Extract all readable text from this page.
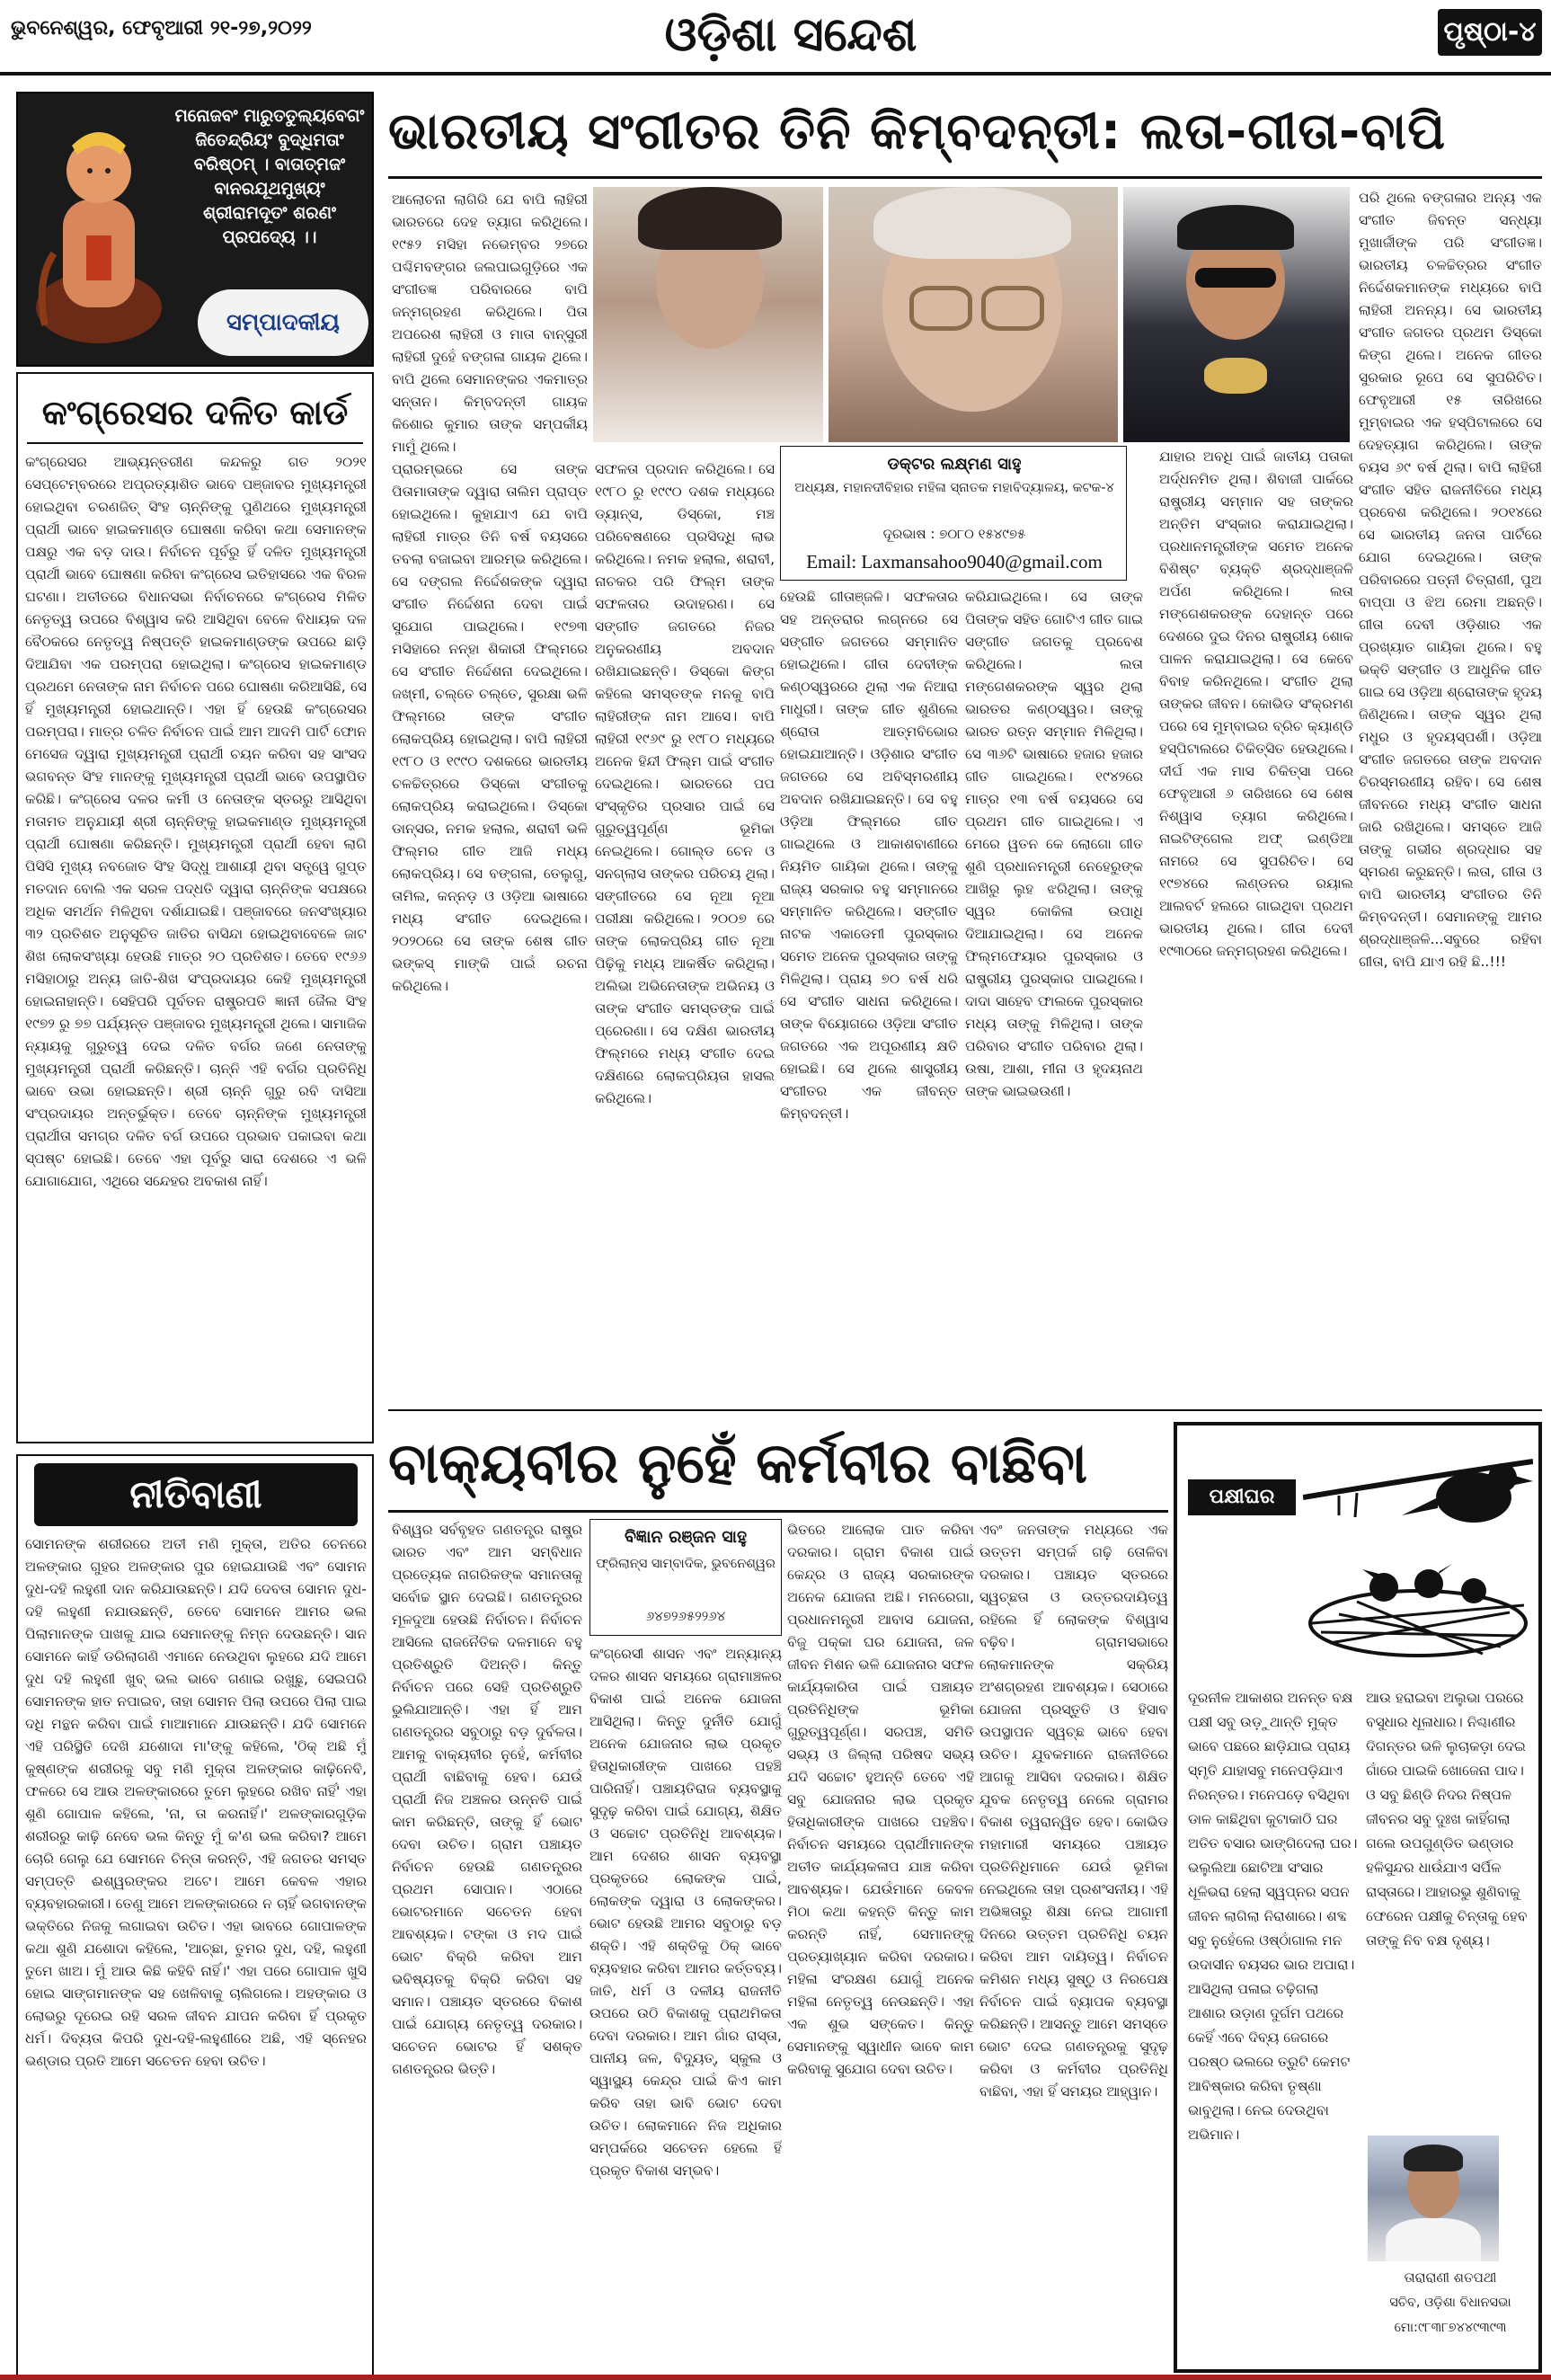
ଭୁବନେଶ୍ୱର, ଫେବୃଆରୀ ୨୧-୨୭,୨୦୨୨	ଓଡ଼ିଶା ସନ୍ଦେଶ	ପୃଷ୍ଠା-୪
ମନୋଜବଂ ମାରୁତତୁଲ୍ୟବେଗଂ ଜିତେନ୍ଦ୍ରିୟଂ ବୁଦ୍ଧିମତାଂ ବରିଷ୍ଠମ୍ । ବାତାତ୍ମଜଂ ବାନରଯୂଥମୁଖ୍ୟଂ ଶ୍ରୀରାମଦୂତଂ ଶରଣଂ ପ୍ରପଦ୍ୟେ ।।
ସମ୍ପାଦକୀୟ
କଂଗ୍ରେସର ଦଳିତ କାର୍ଡ
କଂଗ୍ରେସର ଆଭ୍ୟନ୍ତରୀଣ କନ୍ଦଳରୁ ଗତ ୨୦୨୧ ସେପ୍ଟେମ୍ବରରେ ଅପ୍ରତ୍ୟାଶିତ ଭାବେ ପଞ୍ଜାବର ମୁଖ୍ୟମନ୍ତ୍ରୀ ହୋଇଥିବା ଚରଣଜିତ୍ ସିଂହ ଚାନ୍ନିଙ୍କୁ ପୁଣିଥରେ ମୁଖ୍ୟମନ୍ତ୍ରୀ ପ୍ରାର୍ଥୀ ଭାବେ ହାଇକମାଣ୍ଡ ଘୋଷଣା କରିବା କଥା ସେମାନଙ୍କ ପକ୍ଷରୁ ଏକ ବଡ଼ ଦାଉ। ନିର୍ବାଚନ ପୂର୍ବରୁ ହିଁ ଦଳିତ ମୁଖ୍ୟମନ୍ତ୍ରୀ ପ୍ରାର୍ଥୀ ଭାବେ ଘୋଷଣା କରିବା କଂଗ୍ରେସ ଇତିହାସରେ ଏକ ବିରଳ ଘଟଣା। ଅତୀତରେ ବିଧାନସଭା ନିର୍ବାଚନରେ କଂଗ୍ରେସ ମିଳିତ ନେତୃତ୍ୱ ଉପରେ ବିଶ୍ୱାସ କରି ଆସିଥିବା ବେଳେ ବିଧାୟକ ଦଳ ବୈଠକରେ ନେତୃତ୍ୱ ନିଷ୍ପତ୍ତି ହାଇକମାଣ୍ଡଙ୍କ ଉପରେ ଛାଡ଼ି ଦିଆଯିବା ଏକ ପରମ୍ପରା ହୋଇଥିଲା। କଂଗ୍ରେସ ହାଇକମାଣ୍ଡ ପ୍ରଥମେ ନେତାଙ୍କ ନାମ ନିର୍ବାଚନ ପରେ ଘୋଷଣା କରିଆସିଛି, ସେ ହିଁ ମୁଖ୍ୟମନ୍ତ୍ରୀ ହୋଇଥାନ୍ତି। ଏହା ହିଁ ହେଉଛି କଂଗ୍ରେସର ପରମ୍ପରା। ମାତ୍ର ଚଳିତ ନିର୍ବାଚନ ପାଇଁ ଆମ ଆଦମି ପାର୍ଟି ଫୋନ ମେସେଜ ଦ୍ୱାରା ମୁଖ୍ୟମନ୍ତ୍ରୀ ପ୍ରାର୍ଥୀ ଚୟନ କରିବା ସହ ସାଂସଦ ଭଗବନ୍ତ ସିଂହ ମାନଙ୍କୁ ମୁଖ୍ୟମନ୍ତ୍ରୀ ପ୍ରାର୍ଥୀ ଭାବେ ଉପସ୍ଥାପିତ କରିଛି। କଂଗ୍ରେସ ଦଳର କର୍ମୀ ଓ ନେତାଙ୍କ ସ୍ତରରୁ ଆସିଥିବା ମତାମତ ଅନୁଯାୟୀ ଶ୍ରୀ ଚାନ୍ନିଙ୍କୁ ହାଇକମାଣ୍ଡ ମୁଖ୍ୟମନ୍ତ୍ରୀ ପ୍ରାର୍ଥୀ ଘୋଷଣା କରିଛନ୍ତି। ମୁଖ୍ୟମନ୍ତ୍ରୀ ପ୍ରାର୍ଥୀ ହେବା ଲାଗି ପିସିସି ମୁଖ୍ୟ ନବଜୋତ ସିଂହ ସିଦ୍ଧୁ ଆଶାୟୀ ଥିବା ସତ୍ତ୍ୱେ ଗୁପ୍ତ ମତଦାନ ବୋଲି ଏକ ସରଳ ପଦ୍ଧତି ଦ୍ୱାରା ଚାନ୍ନିଙ୍କ ସପକ୍ଷରେ ଅଧିକ ସମର୍ଥନ ମିଳିଥିବା ଦର୍ଶାଯାଇଛି। ପଞ୍ଜାବରେ ଜନସଂଖ୍ୟାର ୩୨ ପ୍ରତିଶତ ଅନୁସୂଚିତ ଜାତିର ବାସିନ୍ଦା ହୋଇଥିବାବେଳେ ଜାଟ ଶିଖ ଲୋକସଂଖ୍ୟା ହେଉଛି ମାତ୍ର ୨୦ ପ୍ରତିଶତ। ତେବେ ୧୯୬୬ ମସିହାଠାରୁ ଅନ୍ୟ ଜାତି-ଶିଖ ସଂପ୍ରଦାୟର କେହି ମୁଖ୍ୟମନ୍ତ୍ରୀ ହୋଇନାହାନ୍ତି। ସେହିପରି ପୂର୍ବତନ ରାଷ୍ଟ୍ରପତି ଜ୍ଞାନୀ ଜୈଲ ସିଂହ ୧୯୭୨ ରୁ ୭୭ ପର୍ଯ୍ୟନ୍ତ ପଞ୍ଜାବର ମୁଖ୍ୟମନ୍ତ୍ରୀ ଥିଲେ। ସାମାଜିକ ନ୍ୟାୟକୁ ଗୁରୁତ୍ୱ ଦେଇ ଦଳିତ ବର୍ଗର ଜଣେ ନେତାଙ୍କୁ ମୁଖ୍ୟମନ୍ତ୍ରୀ ପ୍ରାର୍ଥୀ କରିଛନ୍ତି। ଚାନ୍ନି ଏହି ବର୍ଗର ପ୍ରତିନିଧି ଭାବେ ଉଭା ହୋଇଛନ୍ତି। ଶ୍ରୀ ଚାନ୍ନି ଗୁରୁ ରବି ଦାସିଆ ସଂପ୍ରଦାୟର ଅନ୍ତର୍ଭୁକ୍ତ। ତେବେ ଚାନ୍ନିଙ୍କ ମୁଖ୍ୟମନ୍ତ୍ରୀ ପ୍ରାର୍ଥୀତା ସମଗ୍ର ଦଳିତ ବର୍ଗ ଉପରେ ପ୍ରଭାବ ପକାଇବା କଥା ସ୍ପଷ୍ଟ ହୋଇଛି। ତେବେ ଏହା ପୂର୍ବରୁ ସାରା ଦେଶରେ ଏ ଭଳି ଯୋଗାଯୋଗ, ଏଥିରେ ସନ୍ଦେହର ଅବକାଶ ନାହିଁ।
ନୀତିବାଣୀ
ସୋମନଙ୍କ ଶରୀରରେ ଅତୀ ମଣି ମୁକ୍ତା, ଅତିର ଚେନରେ ଅଳଙ୍କାର ଗୁହର ଅଳଙ୍କାର ପୁର ହୋଇଯାଉଛି ଏବଂ ସୋମନ ଦୁଧ-ଦହି ଲହୁଣୀ ଦାନ କରିଯାଉଛନ୍ତି। ଯଦି ଦେବତା ସୋମନ ଦୁଧ-ଦହି ଲହୁଣୀ ନଯାଉଛନ୍ତି, ତେବେ ସୋମନେ ଆମର ଭଲ ପିଲାମାନଙ୍କ ପାଖକୁ ଯାଇ ସେମାନଙ୍କୁ ନିମ୍ନ ଦେଉଛନ୍ତି। ସାନ ସୋମନେ କାହିଁ ଡରିଲାଗଣି ଏମାନେ ନେଉଥିବା ଲୁହରେ ଯଦି ଆମେ ଦୁଧ ଦହି ଲହୁଣୀ ଖୁବ୍ ଭଲ ଭାବେ ଗଣାଇ ରଖୁଛୁ, ସେଇପରି ସୋମନଙ୍କ ହାତ ନପାଇବ, ତାହା ସୋମନ ପିଲା ଉପରେ ପିଲା ପାଇ ଦଧି ମନ୍ଥନ କରିବା ପାଇଁ ମାଆମାନେ ଯାଉଛନ୍ତି। ଯଦି ସୋମନେ ଏହି ପରିସ୍ଥିତି ଦେଖି ଯଶୋଦା ମା'ଙ୍କୁ କହିଲେ, 'ଠିକ୍ ଅଛି ମୁଁ କୁଷ୍ଣଙ୍କ ଶରୀରକୁ ସବୁ ମଣି ମୁକ୍ତା ଅଳଙ୍କାର କାଢ଼ିନେବି, ଫଳରେ ସେ ଆଉ ଅଳଙ୍କାରରେ ତୁମେ ଲୁହରେ ରଖିବ ନାହିଁ' ଏହା ଶୁଣି ଗୋପାଳ କହିଲେ, 'ନା, ତା କରନାହିଁ।' ଅଳଙ୍କାରଗୁଡ଼ିକ ଶରୀରରୁ କାଢ଼ି ନେବେ ଭଲ କିନ୍ତୁ ମୁଁ କ'ଣ ଭଲ କରିବା? ଆମେ ଚୋରି ଗେଲୁ ଯେ ସୋମନେ ଚିନ୍ତା କରନ୍ତି, ଏହି ଜଗତର ସମସ୍ତ ସମ୍ପତ୍ତି ଈଶ୍ୱରଙ୍କର ଅଟେ। ଆମେ କେବଳ ଏହାର ବ୍ୟବହାରକାରୀ। ତେଣୁ ଆମେ ଅଳଙ୍କାରରେ ନ ଚାହିଁ ଭଗବାନଙ୍କ ଭକ୍ତିରେ ନିଜକୁ ଲଗାଇବା ଉଚିତ। ଏହା ଭାବରେ ଗୋପାଳଙ୍କ କଥା ଶୁଣି ଯଶୋଦା କହିଲେ, 'ଆଚ୍ଛା, ତୁମର ଦୁଧ, ଦହି, ଲହୁଣୀ ତୁମେ ଖାଅ। ମୁଁ ଆଉ କିଛି କହିବି ନାହିଁ।' ଏହା ପରେ ଗୋପାଳ ଖୁସି ହୋଇ ସାଙ୍ଗମାନଙ୍କ ସହ ଖେଳିବାକୁ ଚାଲିଗଲେ। ଅହଙ୍କାର ଓ ଲୋଭରୁ ଦୂରେଇ ରହି ସରଳ ଜୀବନ ଯାପନ କରିବା ହିଁ ପ୍ରକୃତ ଧର୍ମ। ଦିବ୍ୟତା କିପରି ଦୁଧ-ଦହି-ଲହୁଣୀରେ ଅଛି, ଏହି ସ୍ନେହର ଭଣ୍ଡାର ପ୍ରତି ଆମେ ସଚେତନ ହେବା ଉଚିତ।
ଭାରତୀୟ ସଂଗୀତର ତିନି କିମ୍ବଦନ୍ତୀ: ଲତା-ଗୀତା-ବାପି
ଡକ୍ଟର ଲକ୍ଷ୍ମଣ ସାହୁ
ଅଧ୍ୟକ୍ଷ, ମହାନଦୀବିହାର ମହିଳା ସ୍ନାତକ ମହାବିଦ୍ୟାଳୟ, କଟକ-୪
ଦୂରଭାଷ : ୭୦୮୦ ୧୫୪୯୭୫
Email: Laxmansahoo9040@gmail.com
ଆଲୋଚନା ଲାଗିରି ଯେ ବାପି ଲାହିରୀ ଭାରତରେ ଦେହ ତ୍ୟାଗ କରିଥିଲେ। ୧୯୫୨ ମସିହା ନଭେମ୍ବର ୨୭ରେ ପଶ୍ଚିମବଙ୍ଗର ଜଲପାଇଗୁଡ଼ିରେ ଏକ ସଂଗୀତଜ୍ଞ ପରିବାରରେ ବାପି ଜନ୍ମଗ୍ରହଣ କରିଥିଲେ। ପିତା ଅପରେଶ ଲାହିରୀ ଓ ମାତା ବାନ୍‌ସୁରୀ ଲାହିରୀ ଦୁହେଁ ବଙ୍ଗଳା ଗାୟକ ଥିଲେ। ବାପି ଥିଲେ ସେମାନଙ୍କର ଏକମାତ୍ର ସନ୍ତାନ। କିମ୍ବଦନ୍ତୀ ଗାୟକ କିଶୋର କୁମାର ତାଙ୍କ ସମ୍ପର୍କୀୟ ମାମୁଁ ଥିଲେ।
ପ୍ରାରମ୍ଭରେ ସେ ତାଙ୍କ ପିତାମାତାଙ୍କ ଦ୍ୱାରା ତାଲିମ ପ୍ରାପ୍ତ ହୋଇଥିଲେ। କୁହାଯାଏ ଯେ ବାପି ଲାହିରୀ ମାତ୍ର ତିନି ବର୍ଷ ବୟସରେ ତବଲା ବଜାଇବା ଆରମ୍ଭ କରିଥିଲେ। ସେ ଦଙ୍ଗଲ ନିର୍ଦ୍ଦେଶକଙ୍କ ଦ୍ୱାରା ସଂଗୀତ ନିର୍ଦ୍ଦେଶନା ଦେବା ପାଇଁ ସୁଯୋଗ ପାଇଥିଲେ। ୧୯୭୩ ମସିହାରେ ନନ୍ହା ଶିକାରୀ ଫିଲ୍ମରେ ସେ ସଂଗୀତ ନିର୍ଦ୍ଦେଶନା ଦେଇଥିଲେ। ଜଖ୍ମୀ, ଚଲ୍ତେ ଚଲ୍ତେ, ସୁରକ୍ଷା ଭଳି ଫିଲ୍ମରେ ତାଙ୍କ ସଂଗୀତ ଲୋକପ୍ରିୟ ହୋଇଥିଲା। ବାପି ଲାହିରୀ ୧୯୮୦ ଓ ୧୯୯୦ ଦଶକରେ ଭାରତୀୟ ଚଳଚ୍ଚିତ୍ରରେ ଡିସ୍କୋ ସଂଗୀତକୁ ଲୋକପ୍ରିୟ କରାଇଥିଲେ। ଡିସ୍କୋ ଡାନ୍ସର, ନମକ ହଲାଲ, ଶରାବୀ ଭଳି ଫିଲ୍ମର ଗୀତ ଆଜି ମଧ୍ୟ ଲୋକପ୍ରିୟ। ସେ ବଙ୍ଗଳା, ତେଲୁଗୁ, ତାମିଲ, କନ୍ନଡ଼ ଓ ଓଡ଼ିଆ ଭାଷାରେ ମଧ୍ୟ ସଂଗୀତ ଦେଇଥିଲେ। ୨୦୨୦ରେ ସେ ତାଙ୍କ ଶେଷ ଗୀତ ଭଙ୍କସ୍ ମାଙ୍କି ପାଇଁ ରଚନା କରିଥିଲେ।
ସଫଳତା ପ୍ରଦାନ କରିଥିଲେ। ସେ ୧୯୮୦ ରୁ ୧୯୯୦ ଦଶକ ମଧ୍ୟରେ ଡ୍ୟାନ୍ସ, ଡିସ୍କୋ, ମଞ୍ଚ ପରିବେଷଣରେ ପ୍ରସିଦ୍ଧି ଲାଭ କରିଥିଲେ। ନମକ ହଲାଲ, ଶରାବୀ, ନାଚକର ପରି ଫିଲ୍ମ ତାଙ୍କ ସଫଳତାର ଉଦାହରଣ। ସେ ସଙ୍ଗୀତ ଜଗତରେ ନିଜର ଅନୁକରଣୀୟ ଅବଦାନ ରଖିଯାଇଛନ୍ତି। ଡିସ୍କୋ କିଙ୍ଗ କହିଲେ ସମସ୍ତଙ୍କ ମନକୁ ବାପି ଲାହିରୀଙ୍କ ନାମ ଆସେ। ବାପି ଲାହିରୀ ୧୯୬୯ ରୁ ୧୯୮୦ ମଧ୍ୟରେ ଅନେକ ହିନ୍ଦୀ ଫିଲ୍ମ ପାଇଁ ସଂଗୀତ ଦେଇଥିଲେ। ଭାରତରେ ପପ ସଂସ୍କୃତିର ପ୍ରସାର ପାଇଁ ସେ ଗୁରୁତ୍ୱପୂର୍ଣ୍ଣ ଭୂମିକା ନେଇଥିଲେ। ଗୋଲ୍ଡ ଚେନ ଓ ସନଗ୍ଲାସ ତାଙ୍କର ପରିଚୟ ଥିଲା। ସଙ୍ଗୀତରେ ସେ ନୂଆ ନୂଆ ପରୀକ୍ଷା କରିଥିଲେ। ୨୦୦୭ ରେ ତାଙ୍କ ଲୋକପ୍ରିୟ ଗୀତ ନୂଆ ପିଢ଼ିକୁ ମଧ୍ୟ ଆକର୍ଷିତ କରିଥିଲା। ଅଲିଭା ଅଭିନେତାଙ୍କ ଅଭିନୟ ଓ ତାଙ୍କ ସଂଗୀତ ସମସ୍ତଙ୍କ ପାଇଁ ପ୍ରେରଣା। ସେ ଦକ୍ଷିଣ ଭାରତୀୟ ଫିଲ୍ମରେ ମଧ୍ୟ ସଂଗୀତ ଦେଇ ଦକ୍ଷିଣରେ ଲୋକପ୍ରିୟତା ହାସଲ କରିଥିଲେ।
ହେଉଛି ଗୀତାଞ୍ଜଳି। ସଫଳତାର ସହ ଅନ୍ତରାର ଲଗ୍ନରେ ସେ ସଙ୍ଗୀତ ଜଗତରେ ସମ୍ମାନିତ ହୋଇଥିଲେ। ଗୀତା ଦେବୀଙ୍କ କଣ୍ଠସ୍ୱରରେ ଥିଲା ଏକ ନିଆରା ମାଧୁରୀ। ତାଙ୍କ ଗୀତ ଶୁଣିଲେ ଶ୍ରୋତା ଆତ୍ମବିଭୋର ହୋଇଯାଆନ୍ତି। ଓଡ଼ିଶାର ସଂଗୀତ ଜଗତରେ ସେ ଅବିସ୍ମରଣୀୟ ଅବଦାନ ରଖିଯାଇଛନ୍ତି। ସେ ବହୁ ଓଡ଼ିଆ ଫିଲ୍ମରେ ଗୀତ ଗାଇଥିଲେ ଓ ଆକାଶବାଣୀରେ ନିୟମିତ ଗାୟିକା ଥିଲେ। ତାଙ୍କୁ ରାଜ୍ୟ ସରକାର ବହୁ ସମ୍ମାନରେ ସମ୍ମାନିତ କରିଥିଲେ। ସଙ୍ଗୀତ ନାଟକ ଏକାଡେମୀ ପୁରସ୍କାର ସମେତ ଅନେକ ପୁରସ୍କାର ତାଙ୍କୁ ମିଳିଥିଲା। ପ୍ରାୟ ୭୦ ବର୍ଷ ଧରି ସେ ସଂଗୀତ ସାଧନା କରିଥିଲେ। ତାଙ୍କ ବିୟୋଗରେ ଓଡ଼ିଆ ସଂଗୀତ ଜଗତରେ ଏକ ଅପୂରଣୀୟ କ୍ଷତି ହୋଇଛି। ସେ ଥିଲେ ଶାସ୍ତ୍ରୀୟ ସଂଗୀତର ଏକ ଜୀବନ୍ତ କିମ୍ବଦନ୍ତୀ।
କରିଯାଇଥିଲେ। ସେ ତାଙ୍କ ପିତାଙ୍କ ସହିତ ଗୋଟିଏ ଗୀତ ଗାଇ ସଙ୍ଗୀତ ଜଗତକୁ ପ୍ରବେଶ କରିଥିଲେ। ଲତା ମଙ୍ଗେଶକରଙ୍କ ସ୍ୱର ଥିଲା ଭାରତର କଣ୍ଠସ୍ୱର। ତାଙ୍କୁ ଭାରତ ରତ୍ନ ସମ୍ମାନ ମିଳିଥିଲା। ସେ ୩୬ଟି ଭାଷାରେ ହଜାର ହଜାର ଗୀତ ଗାଇଥିଲେ। ୧୯୪୨ରେ ମାତ୍ର ୧୩ ବର୍ଷ ବୟସରେ ସେ ପ୍ରଥମ ଗୀତ ଗାଇଥିଲେ। ଏ ମେରେ ୱତନ କେ ଲୋଗୋ ଗୀତ ଶୁଣି ପ୍ରଧାନମନ୍ତ୍ରୀ ନେହେରୁଙ୍କ ଆଖିରୁ ଲୁହ ଝରିଥିଲା। ତାଙ୍କୁ ସ୍ୱର କୋକିଳା ଉପାଧି ଦିଆଯାଇଥିଲା। ସେ ଅନେକ ଫିଲ୍ମଫେୟାର ପୁରସ୍କାର ଓ ରାଷ୍ଟ୍ରୀୟ ପୁରସ୍କାର ପାଇଥିଲେ। ଦାଦା ସାହେବ ଫାଲକେ ପୁରସ୍କାର ମଧ୍ୟ ତାଙ୍କୁ ମିଳିଥିଲା। ତାଙ୍କ ପରିବାର ସଂଗୀତ ପରିବାର ଥିଲା। ଉଷା, ଆଶା, ମୀନା ଓ ହୃଦୟନାଥ ତାଙ୍କ ଭାଇଭଉଣୀ।
ଯାହାର ଅବଧି ପାଇଁ ଜାତୀୟ ପତାକା ଅର୍ଦ୍ଧନମିତ ଥିଲା। ଶିବାଜୀ ପାର୍କରେ ରାଷ୍ଟ୍ରୀୟ ସମ୍ମାନ ସହ ତାଙ୍କର ଅନ୍ତିମ ସଂସ୍କାର କରାଯାଇଥିଲା। ପ୍ରଧାନମନ୍ତ୍ରୀଙ୍କ ସମେତ ଅନେକ ବିଶିଷ୍ଟ ବ୍ୟକ୍ତି ଶ୍ରଦ୍ଧାଞ୍ଜଳି ଅର୍ପଣ କରିଥିଲେ। ଲତା ମଙ୍ଗେଶକରଙ୍କ ଦେହାନ୍ତ ପରେ ଦେଶରେ ଦୁଇ ଦିନର ରାଷ୍ଟ୍ରୀୟ ଶୋକ ପାଳନ କରାଯାଇଥିଲା। ସେ କେବେ ବିବାହ କରିନଥିଲେ। ସଂଗୀତ ଥିଲା ତାଙ୍କର ଜୀବନ। କୋଭିଡ ସଂକ୍ରମଣ ପରେ ସେ ମୁମ୍ବାଇର ବ୍ରିଚ କ୍ୟାଣ୍ଡି ହସ୍ପିଟାଲରେ ଚିକିତ୍ସିତ ହେଉଥିଲେ। ଦୀର୍ଘ ଏକ ମାସ ଚିକିତ୍ସା ପରେ ଫେବୃଆରୀ ୬ ତାରିଖରେ ସେ ଶେଷ ନିଶ୍ୱାସ ତ୍ୟାଗ କରିଥିଲେ। ନାଇଟିଙ୍ଗେଲ ଅଫ୍ ଇଣ୍ଡିଆ ନାମରେ ସେ ସୁପରିଚିତ। ସେ ୧୯୭୪ରେ ଲଣ୍ଡନର ରୟାଲ ଆଲବର୍ଟ ହଲରେ ଗାଇଥିବା ପ୍ରଥମ ଭାରତୀୟ ଥିଲେ। ଗୀତା ଦେବୀ ୧୯୩୦ରେ ଜନ୍ମଗ୍ରହଣ କରିଥିଲେ।
ପରି ଥିଲେ ବଙ୍ଗଳାର ଅନ୍ୟ ଏକ ସଂଗୀତ ଜିବନ୍ତ ସନ୍ଧ୍ୟା ମୁଖାର୍ଜୀଙ୍କ ପରି ସଂଗୀତଜ୍ଞ। ଭାରତୀୟ ଚଳଚ୍ଚିତ୍ରର ସଂଗୀତ ନିର୍ଦ୍ଦେଶକମାନଙ୍କ ମଧ୍ୟରେ ବାପି ଲାହିରୀ ଅନନ୍ୟ। ସେ ଭାରତୀୟ ସଂଗୀତ ଜଗତର ପ୍ରଥମ ଡିସ୍କୋ କିଙ୍ଗ ଥିଲେ। ଅନେକ ଗୀତର ସୁରକାର ରୂପେ ସେ ସୁପରିଚିତ। ଫେବୃଆରୀ ୧୫ ତାରିଖରେ ମୁମ୍ବାଇର ଏକ ହସ୍ପିଟାଲରେ ସେ ଦେହତ୍ୟାଗ କରିଥିଲେ। ତାଙ୍କ ବୟସ ୬୯ ବର୍ଷ ଥିଲା। ବାପି ଲାହିରୀ ସଂଗୀତ ସହିତ ରାଜନୀତିରେ ମଧ୍ୟ ପ୍ରବେଶ କରିଥିଲେ। ୨୦୧୪ରେ ସେ ଭାରତୀୟ ଜନତା ପାର୍ଟିରେ ଯୋଗ ଦେଇଥିଲେ। ତାଙ୍କ ପରିବାରରେ ପତ୍ନୀ ଚିତ୍ରାଣୀ, ପୁଅ ବାପ୍ପା ଓ ଝିଅ ରେମା ଅଛନ୍ତି। ଗୀତା ଦେବୀ ଓଡ଼ିଶାର ଏକ ପ୍ରଖ୍ୟାତ ଗାୟିକା ଥିଲେ। ବହୁ ଭକ୍ତି ସଙ୍ଗୀତ ଓ ଆଧୁନିକ ଗୀତ ଗାଇ ସେ ଓଡ଼ିଆ ଶ୍ରୋତାଙ୍କ ହୃଦୟ ଜିଣିଥିଲେ। ତାଙ୍କ ସ୍ୱର ଥିଲା ମଧୁର ଓ ହୃଦୟସ୍ପର୍ଶୀ। ଓଡ଼ିଆ ସଂଗୀତ ଜଗତରେ ତାଙ୍କ ଅବଦାନ ଚିରସ୍ମରଣୀୟ ରହିବ। ସେ ଶେଷ ଜୀବନରେ ମଧ୍ୟ ସଂଗୀତ ସାଧନା ଜାରି ରଖିଥିଲେ। ସମସ୍ତେ ଆଜି ତାଙ୍କୁ ଗଭୀର ଶ୍ରଦ୍ଧାର ସହ ସ୍ମରଣ କରୁଛନ୍ତି। ଲତା, ଗୀତା ଓ ବାପି ଭାରତୀୟ ସଂଗୀତର ତିନି କିମ୍ବଦନ୍ତୀ। ସେମାନଙ୍କୁ ଆମର ଶ୍ରଦ୍ଧାଞ୍ଜଳି...ସବୁରେ ରହିବା ଗୀତା, ବାପି ଯାଏ ରହି ଛି..!!!
ବାକ୍ୟବୀର ନୁହେଁ କର୍ମବୀର ବାଛିବା
ବିଶ୍ୱର ସର୍ବବୃହତ ଗଣତନ୍ତ୍ର ରାଷ୍ଟ୍ର ଭାରତ ଏବଂ ଆମ ସମ୍ବିଧାନ ପ୍ରତ୍ୟେକ ନାଗରିକଙ୍କ ସମାନତାକୁ ସର୍ବୋଚ୍ଚ ସ୍ଥାନ ଦେଇଛି। ଗଣତନ୍ତ୍ରର ମୂଳଦୁଆ ହେଉଛି ନିର୍ବାଚନ। ନିର୍ବାଚନ ଆସିଲେ ରାଜନୈତିକ ଦଳମାନେ ବହୁ ପ୍ରତିଶ୍ରୁତି ଦିଅନ୍ତି। କିନ୍ତୁ ନିର୍ବାଚନ ପରେ ସେହି ପ୍ରତିଶ୍ରୁତି ଭୁଲିଯାଆନ୍ତି। ଏହା ହିଁ ଆମ ଗଣତନ୍ତ୍ରର ସବୁଠାରୁ ବଡ଼ ଦୁର୍ବଳତା। ଆମକୁ ବାକ୍ୟବୀର ନୁହେଁ, କର୍ମବୀର ପ୍ରାର୍ଥୀ ବାଛିବାକୁ ହେବ। ଯେଉଁ ପ୍ରାର୍ଥୀ ନିଜ ଅଞ୍ଚଳର ଉନ୍ନତି ପାଇଁ କାମ କରିଛନ୍ତି, ତାଙ୍କୁ ହିଁ ଭୋଟ ଦେବା ଉଚିତ। ଗ୍ରାମ ପଞ୍ଚାୟତ ନିର୍ବାଚନ ହେଉଛି ଗଣତନ୍ତ୍ରର ପ୍ରଥମ ସୋପାନ। ଏଠାରେ ଭୋଟରମାନେ ସଚେତନ ହେବା ଆବଶ୍ୟକ। ଟଙ୍କା ଓ ମଦ ପାଇଁ ଭୋଟ ବିକ୍ରି କରିବା ଆମ ଭବିଷ୍ୟତକୁ ବିକ୍ରି କରିବା ସହ ସମାନ। ପଞ୍ଚାୟତ ସ୍ତରରେ ବିକାଶ ପାଇଁ ଯୋଗ୍ୟ ନେତୃତ୍ୱ ଦରକାର। ସଚେତନ ଭୋଟର ହିଁ ସଶକ୍ତ ଗଣତନ୍ତ୍ରର ଭିତ୍ତି।
ବିଜ୍ଞାନ ରଞ୍ଜନ ସାହୁ
ଫ୍ରିଲାନ୍ସ ସାମ୍ବାଦିକ, ଭୁବନେଶ୍ୱର
୬୪୭୨୬୫୨୨୬୪
କଂଗ୍ରେସୀ ଶାସନ ଏବଂ ଅନ୍ୟାନ୍ୟ ଦଳର ଶାସନ ସମୟରେ ଗ୍ରାମାଞ୍ଚଳର ବିକାଶ ପାଇଁ ଅନେକ ଯୋଜନା ଆସିଥିଲା। କିନ୍ତୁ ଦୁର୍ନୀତି ଯୋଗୁଁ ଅନେକ ଯୋଜନାର ଲାଭ ପ୍ରକୃତ ହିତାଧିକାରୀଙ୍କ ପାଖରେ ପହଞ୍ଚି ପାରିନାହିଁ। ପଞ୍ଚାୟତିରାଜ ବ୍ୟବସ୍ଥାକୁ ସୁଦୃଢ଼ କରିବା ପାଇଁ ଯୋଗ୍ୟ, ଶିକ୍ଷିତ ଓ ସଚ୍ଚୋଟ ପ୍ରତିନିଧି ଆବଶ୍ୟକ। ଆମ ଦେଶର ଶାସନ ବ୍ୟବସ୍ଥା ପ୍ରକୃତରେ ଲୋକଙ୍କ ପାଇଁ, ଲୋକଙ୍କ ଦ୍ୱାରା ଓ ଲୋକଙ୍କର। ଭୋଟ ହେଉଛି ଆମର ସବୁଠାରୁ ବଡ଼ ଶକ୍ତି। ଏହି ଶକ୍ତିକୁ ଠିକ୍ ଭାବେ ବ୍ୟବହାର କରିବା ଆମର କର୍ତ୍ତବ୍ୟ। ଜାତି, ଧର୍ମ ଓ ଦଳୀୟ ରାଜନୀତି ଉପରେ ଉଠି ବିକାଶକୁ ପ୍ରାଥମିକତା ଦେବା ଦରକାର। ଆମ ଗାଁର ରାସ୍ତା, ପାନୀୟ ଜଳ, ବିଦ୍ୟୁତ୍, ସ୍କୁଲ ଓ ସ୍ୱାସ୍ଥ୍ୟ କେନ୍ଦ୍ର ପାଇଁ କିଏ କାମ କରିବ ତାହା ଭାବି ଭୋଟ ଦେବା ଉଚିତ। ଲୋକମାନେ ନିଜ ଅଧିକାର ସମ୍ପର୍କରେ ସଚେତନ ହେଲେ ହିଁ ପ୍ରକୃତ ବିକାଶ ସମ୍ଭବ।
ଭିତରେ ଆଲୋକ ପାତ କରିବା ଦରକାର। ଗ୍ରାମ ବିକାଶ ପାଇଁ କେନ୍ଦ୍ର ଓ ରାଜ୍ୟ ସରକାରଙ୍କ ଅନେକ ଯୋଜନା ଅଛି। ମନରେଗା, ପ୍ରଧାନମନ୍ତ୍ରୀ ଆବାସ ଯୋଜନା, ବିଜୁ ପକ୍କା ଘର ଯୋଜନା, ଜଳ ଜୀବନ ମିଶନ ଭଳି ଯୋଜନାର ସଫଳ କାର୍ଯ୍ୟକାରିତା ପାଇଁ ପଞ୍ଚାୟତ ପ୍ରତିନିଧିଙ୍କ ଭୂମିକା ଗୁରୁତ୍ୱପୂର୍ଣ୍ଣ। ସରପଞ୍ଚ, ସମିତି ସଭ୍ୟ ଓ ଜିଲ୍ଲା ପରିଷଦ ସଭ୍ୟ ଯଦି ସଚ୍ଚୋଟ ହୁଅନ୍ତି ତେବେ ଏହି ସବୁ ଯୋଜନାର ଲାଭ ପ୍ରକୃତ ହିତାଧିକାରୀଙ୍କ ପାଖରେ ପହଞ୍ଚିବ। ନିର୍ବାଚନ ସମୟରେ ପ୍ରାର୍ଥୀମାନଙ୍କ ଅତୀତ କାର୍ଯ୍ୟକଳାପ ଯାଞ୍ଚ କରିବା ଆବଶ୍ୟକ। ଯେଉଁମାନେ କେବଳ ମିଠା କଥା କହନ୍ତି କିନ୍ତୁ କାମ କରନ୍ତି ନାହିଁ, ସେମାନଙ୍କୁ ପ୍ରତ୍ୟାଖ୍ୟାନ କରିବା ଦରକାର। ମହିଳା ସଂରକ୍ଷଣ ଯୋଗୁଁ ଅନେକ ମହିଳା ନେତୃତ୍ୱ ନେଉଛନ୍ତି। ଏହା ଏକ ଶୁଭ ସଙ୍କେତ। କିନ୍ତୁ ସେମାନଙ୍କୁ ସ୍ୱାଧୀନ ଭାବେ କାମ କରିବାକୁ ସୁଯୋଗ ଦେବା ଉଚିତ।
ଏବଂ ଜନତାଙ୍କ ମଧ୍ୟରେ ଏକ ଉତ୍ତମ ସମ୍ପର୍କ ଗଢ଼ି ତୋଳିବା ଦରକାର। ପଞ୍ଚାୟତ ସ୍ତରରେ ସ୍ୱଚ୍ଛତା ଓ ଉତ୍ତରଦାୟିତ୍ୱ ରହିଲେ ହିଁ ଲୋକଙ୍କ ବିଶ୍ୱାସ ବଢ଼ିବ। ଗ୍ରାମସଭାରେ ଲୋକମାନଙ୍କ ସକ୍ରିୟ ଅଂଶଗ୍ରହଣ ଆବଶ୍ୟକ। ସେଠାରେ ଯୋଜନା ପ୍ରସ୍ତୁତି ଓ ହିସାବ ଉପସ୍ଥାପନ ସ୍ୱଚ୍ଛ ଭାବେ ହେବା ଉଚିତ। ଯୁବକମାନେ ରାଜନୀତିରେ ଆଗକୁ ଆସିବା ଦରକାର। ଶିକ୍ଷିତ ଯୁବକ ନେତୃତ୍ୱ ନେଲେ ଗ୍ରାମର ବିକାଶ ତ୍ୱରାନ୍ୱିତ ହେବ। କୋଭିଡ ମହାମାରୀ ସମୟରେ ପଞ୍ଚାୟତ ପ୍ରତିନିଧିମାନେ ଯେଉଁ ଭୂମିକା ନେଇଥିଲେ ତାହା ପ୍ରଶଂସନୀୟ। ଏହି ଅଭିଜ୍ଞତାରୁ ଶିକ୍ଷା ନେଇ ଆଗାମୀ ଦିନରେ ଉତ୍ତମ ପ୍ରତିନିଧି ଚୟନ କରିବା ଆମ ଦାୟିତ୍ୱ। ନିର୍ବାଚନ କମିଶନ ମଧ୍ୟ ସୁଷ୍ଠୁ ଓ ନିରପେକ୍ଷ ନିର୍ବାଚନ ପାଇଁ ବ୍ୟାପକ ବ୍ୟବସ୍ଥା କରିଛନ୍ତି। ଆସନ୍ତୁ ଆମେ ସମସ୍ତେ ଭୋଟ ଦେଇ ଗଣତନ୍ତ୍ରକୁ ସୁଦୃଢ଼ କରିବା ଓ କର୍ମବୀର ପ୍ରତିନିଧି ବାଛିବା, ଏହା ହିଁ ସମୟର ଆହ୍ୱାନ।
ପକ୍ଷୀଘର
ଦୂରନୀଳ ଆକାଶର ଅନନ୍ତ ବକ୍ଷ ପକ୍ଷୀ ସବୁ ଉଡ଼ୁଥାନ୍ତି ମୁକ୍ତ ଭାବେ ପଛରେ ଛାଡ଼ିଯାଇ ପ୍ରାୟ ସ୍ମୃତି ଯାହାସବୁ ମନେପଡ଼ିଯାଏ ନିରନ୍ତର। ମନେପଡ଼େ ବସିଥିବା ଡାଳ କାଛିଥିବା କୁଟାକାଠି ଘର ଅତିତ ବସାର ଭାଙ୍ଗିଦେଲା ଘର। ଭଲୁଲିଆ ଛୋଟିଆ ସଂସାର ଧୂଳିଭରା ହେଲା ସ୍ୱପ୍ନର ସପନ ଜୀବନ ଲାଗିଲା ନିରାଶାରେ। ଶବ୍ଦ ସବୁ ନୁହେଁଲେ ଓଷ୍ଠାଁଗାଲ ମନ ଉଦାସୀନ ବୟସର ଭାର ଅପାରା। ଆସିଥିଲା ପଳାଇ ଚଢ଼ିଗଲା ଆଶାର ଉଡ଼ାଣ ଦୁର୍ଗମ ପଥରେ କେହିଁ ଏବେ ଦିବ୍ୟ ଜେଗରେ ପରଷ୍ଠ ଭଲରେ ତ୍ରୁଟି କେମଟ ଆବିଷ୍କାର କରିବା ତୃଷ୍ଣା ଭାବୁଥିଲା। ନେଇ ଦେଉଥିବା ଅଭିମାନ।
ଆଉ ହରାଇବା ଅଲୁଭା ପରରେ ବସୁଧାର ଧୂଳାଧାର। ନିଶ୍ଚାଣୀର ଦିଗନ୍ତର ଭଳି ଲୁଚାକଡ଼ା ଦେଇ ଗାଁରେ ପାଇକି ଖୋଜେନା ପାଦ। ଓ ସବୁ ଛିଣ୍ଡି ନିଦର ନିଷ୍ପଳ ଜୀବନର ସବୁ ଦୁଃଖ କାହିଁଗଲା ଗଲେ ଉପଗୁଣ୍ଡିତ ଭଣ୍ଡାର ହଳିସୁନ୍ଦର ଧାଉଁଯାଏ ସର୍ପିଳ ରାସ୍ତାରେ। ଆହାରଭୁ ଶୁଣିବାକୁ ଫେରେନ ପକ୍ଷୀକୁ ଚିନ୍ତାକୁ ହେବ ତାଙ୍କୁ ନିବ ବକ୍ଷ ଦୃଶ୍ୟ।
ତାରାରାଣୀ ଶତପଥୀ
ସଚିବ, ଓଡ଼ିଶା ବିଧାନସଭା
ମୋ:୯୮୩୮୭୪୪୯୩୯୩
